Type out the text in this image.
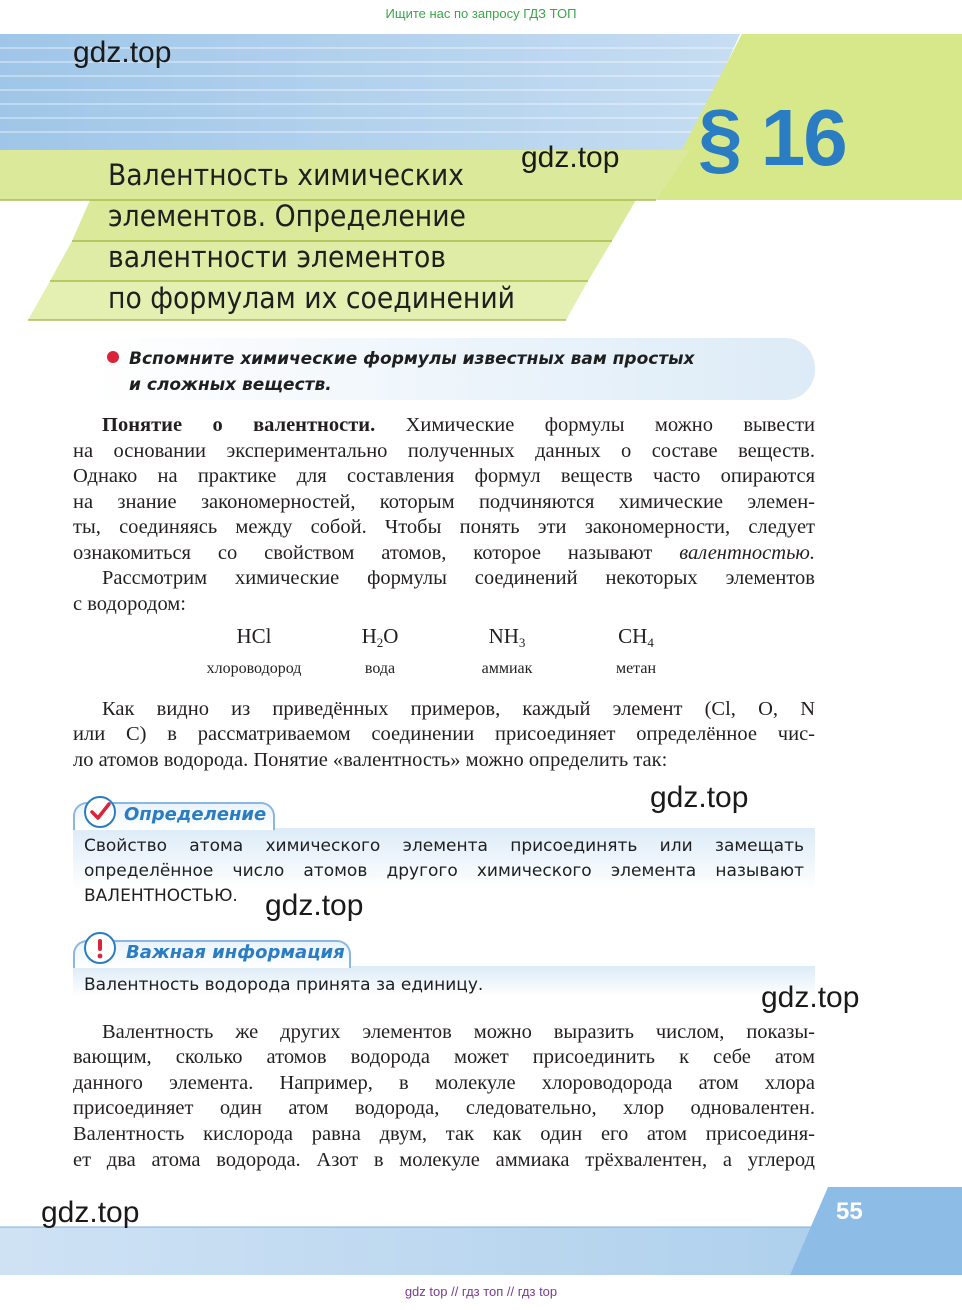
Ищите нас по запросу ГДЗ ТОП
§ 16
Валентность химических
элементов. Определение
валентности элементов
по формулам их соединений
Вспомните химические формулы известных вам простых
и сложных веществ.
Понятие о валентности. Химические формулы можно вывести
на основании экспериментально полученных данных о составе веществ.
Однако на практике для составления формул веществ часто опираются
на знание закономерностей, которым подчиняются химические элемен-
ты, соединяясь между собой. Чтобы понять эти закономерности, следует
ознакомиться со свойством атомов, которое называют валентностью.
Рассмотрим химические формулы соединений некоторых элементов
с водородом:
HCl
хлороводород
$H_2O$
вода
$NH_3$
аммиак
$CH_4$
метан
Как видно из приведённых примеров, каждый элемент (Cl, O, N
или С) в рассматриваемом соединении присоединяет определённое чис-
ло атомов водорода. Понятие «валентность» можно определить так:
Определение
Свойство атома химического элемента присоединять или замещать
определённое число атомов другого химического элемента называют
ВАЛЕНТНОСТЬЮ.
Важная информация
Валентность водорода принята за единицу.
Валентность же других элементов можно выразить числом, показы-
вающим, сколько атомов водорода может присоединить к себе атом
данного элемента. Например, в молекуле хлороводорода атом хлора
присоединяет один атом водорода, следовательно, хлор одновалентен.
Валентность кислорода равна двум, так как один его атом присоединя-
ет два атома водорода. Азот в молекуле аммиака трёхвалентен, а углерод
55
gdz.top
gdz.top
gdz.top
gdz.top
gdz.top
gdz.top
gdz top // гдз топ // гдз top
